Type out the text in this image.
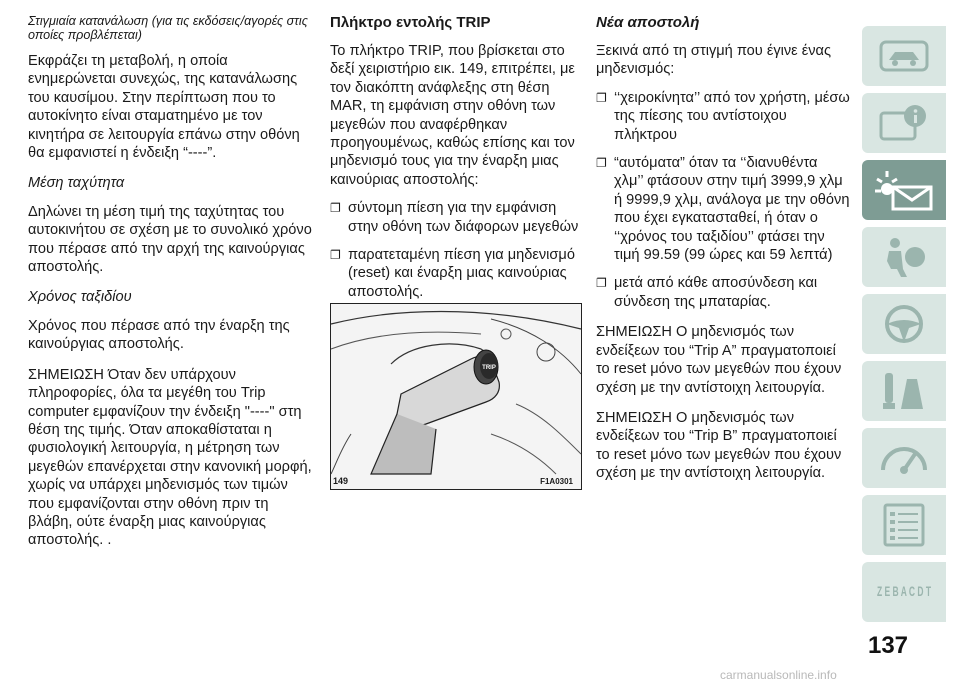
Στιγμιαία κατανάλωση (για τις εκδόσεις/αγορές στις οποίες προβλέπεται)

Εκφράζει τη μεταβολή, η οποία ενημερώνεται συνεχώς, της κατανάλωσης του καυσίμου. Στην περίπτωση που το αυτοκίνητο είναι σταματημένο με τον κινητήρα σε λειτουργία επάνω στην οθόνη θα εμφανιστεί η ένδειξη “----”.

Μέση ταχύτητα

Δηλώνει τη μέση τιμή της ταχύτητας του αυτοκινήτου σε σχέση με το συνολικό χρόνο που πέρασε από την αρχή της καινούργιας αποστολής.

Χρόνος ταξιδίου

Χρόνος που πέρασε από την έναρξη της καινούργιας αποστολής.

ΣΗΜΕΙΩΣΗ Όταν δεν υπάρχουν πληροφορίες, όλα τα μεγέθη του Trip computer εμφανίζουν την ένδειξη "----" στη θέση της τιμής. Όταν αποκαθίσταται η φυσιολογική λειτουργία, η μέτρηση των μεγεθών επανέρχεται στην κανονική μορφή, χωρίς να υπάρχει μηδενισμός των τιμών που εμφανίζονται στην οθόνη πριν τη βλάβη, ούτε έναρξη μιας καινούργιας αποστολής. .

Πλήκτρο εντολής TRIP

Το πλήκτρο TRIP, που βρίσκεται στο δεξί χειριστήριο εικ. 149, επιτρέπει, με τον διακόπτη ανάφλεξης στη θέση MAR, τη εμφάνιση στην οθόνη των μεγεθών που αναφέρθηκαν προηγουμένως, καθώς επίσης και τον μηδενισμό τους για την έναρξη μιας καινούριας αποστολής:

❐ σύντομη πίεση για την εμφάνιση στην οθόνη των διάφορων μεγεθών

❐ παρατεταμένη πίεση για μηδενισμό (reset) και έναρξη μιας καινούριας αποστολής.

TRIP
149	F1A0301

Νέα αποστολή

Ξεκινά από τη στιγμή που έγινε ένας μηδενισμός:

❐ ‘‘χειροκίνητα’’ από τον χρήστη, μέσω της πίεσης του αντίστοιχου πλήκτρου

❐ “αυτόματα” όταν τα ‘‘διανυθέντα χλμ’’ φτάσουν στην τιμή 3999,9 χλμ ή 9999,9 χλμ, ανάλογα με την οθόνη που έχει εγκατασταθεί, ή όταν ο ‘‘χρόνος του ταξιδίου’’ φτάσει την τιμή 99.59 (99 ώρες και 59 λεπτά)

❐ μετά από κάθε αποσύνδεση και σύνδεση της μπαταρίας.

ΣΗΜΕΙΩΣΗ Ο μηδενισμός των ενδείξεων του “Trip A” πραγματοποιεί το reset μόνο των μεγεθών που έχουν σχέση με την αντίστοιχη λειτουργία.

ΣΗΜΕΙΩΣΗ Ο μηδενισμός των ενδείξεων του “Trip B” πραγματοποιεί το reset μόνο των μεγεθών που έχουν σχέση με την αντίστοιχη λειτουργία.

Z E B A C D T
137
carmanualsonline.info
